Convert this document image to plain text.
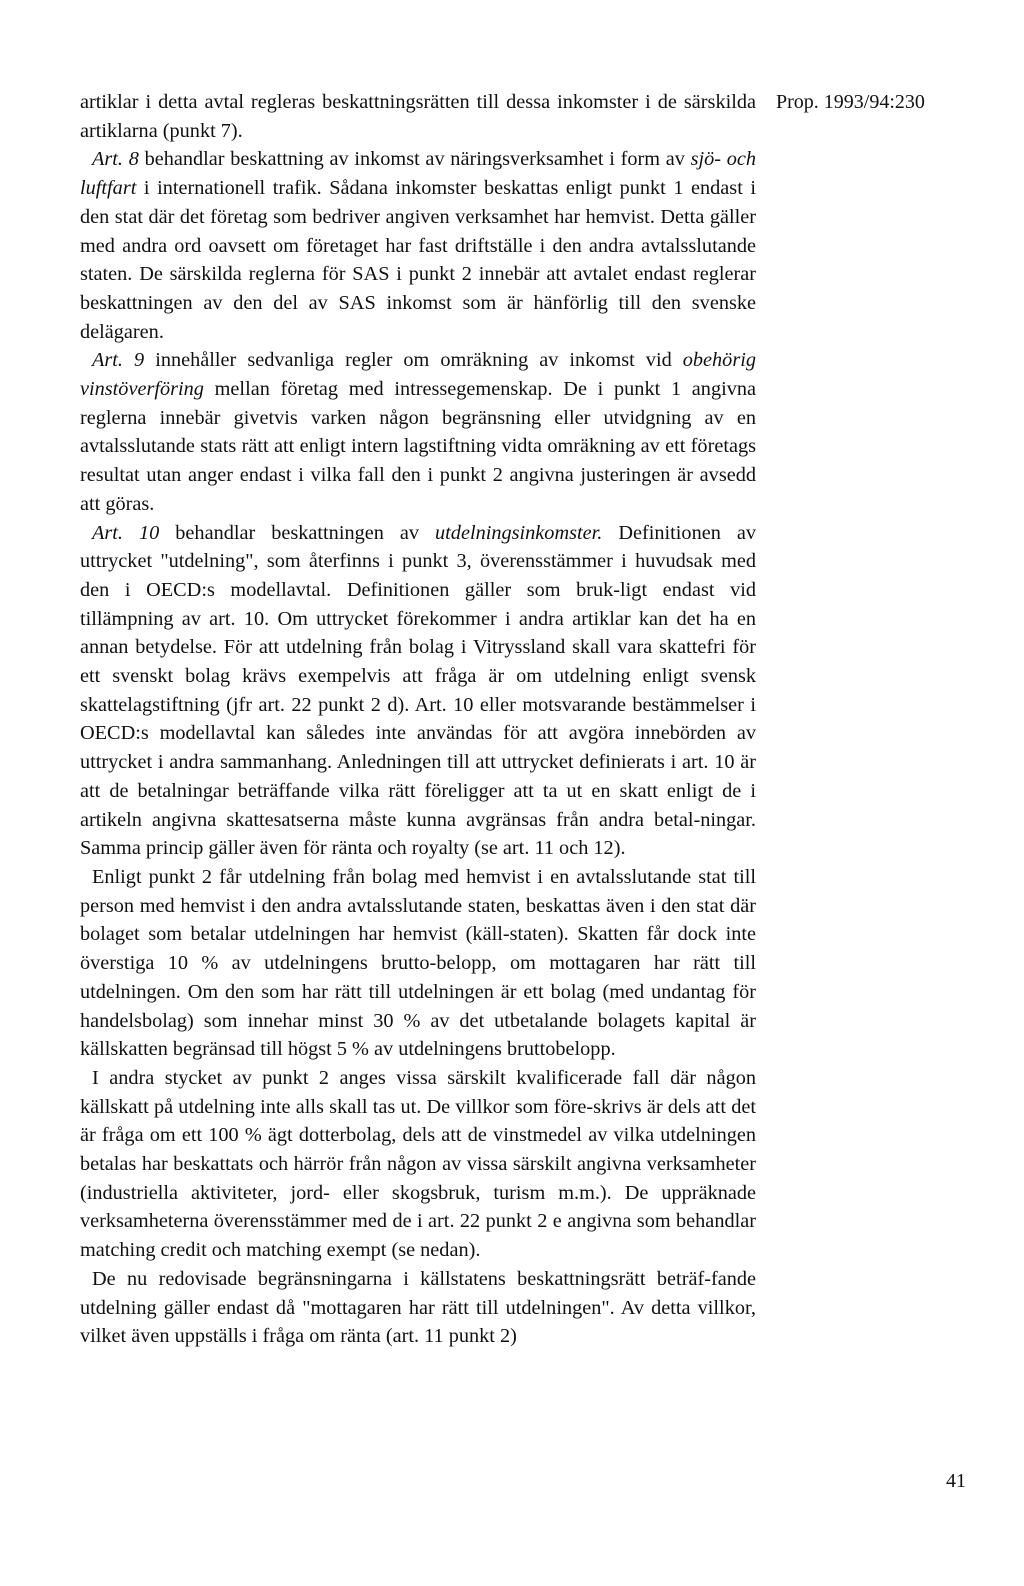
Prop. 1993/94:230

artiklar i detta avtal regleras beskattningsrätten till dessa inkomster i de särskilda artiklarna (punkt 7).

Art. 8 behandlar beskattning av inkomst av näringsverksamhet i form av sjö- och luftfart i internationell trafik. Sådana inkomster beskattas enligt punkt 1 endast i den stat där det företag som bedriver angiven verksamhet har hemvist. Detta gäller med andra ord oavsett om företaget har fast driftställe i den andra avtalsslutande staten. De särskilda reglerna för SAS i punkt 2 innebär att avtalet endast reglerar beskattningen av den del av SAS inkomst som är hänförlig till den svenske delägaren.

Art. 9 innehåller sedvanliga regler om omräkning av inkomst vid obehörig vinstöverföring mellan företag med intressegemenskap. De i punkt 1 angivna reglerna innebär givetvis varken någon begränsning eller utvidgning av en avtalsslutande stats rätt att enligt intern lagstiftning vidta omräkning av ett företags resultat utan anger endast i vilka fall den i punkt 2 angivna justeringen är avsedd att göras.

Art. 10 behandlar beskattningen av utdelningsinkomster. Definitionen av uttrycket "utdelning", som återfinns i punkt 3, överensstämmer i huvudsak med den i OECD:s modellavtal. Definitionen gäller som bruk-ligt endast vid tillämpning av art. 10. Om uttrycket förekommer i andra artiklar kan det ha en annan betydelse. För att utdelning från bolag i Vitryssland skall vara skattefri för ett svenskt bolag krävs exempelvis att fråga är om utdelning enligt svensk skattelagstiftning (jfr art. 22 punkt 2 d). Art. 10 eller motsvarande bestämmelser i OECD:s modellavtal kan således inte användas för att avgöra innebörden av uttrycket i andra sammanhang. Anledningen till att uttrycket definierats i art. 10 är att de betalningar beträffande vilka rätt föreligger att ta ut en skatt enligt de i artikeln angivna skattesatserna måste kunna avgränsas från andra betal-ningar. Samma princip gäller även för ränta och royalty (se art. 11 och 12).

Enligt punkt 2 får utdelning från bolag med hemvist i en avtalsslutande stat till person med hemvist i den andra avtalsslutande staten, beskattas även i den stat där bolaget som betalar utdelningen har hemvist (käll-staten). Skatten får dock inte överstiga 10 % av utdelningens brutto-belopp, om mottagaren har rätt till utdelningen. Om den som har rätt till utdelningen är ett bolag (med undantag för handelsbolag) som innehar minst 30 % av det utbetalande bolagets kapital är källskatten begränsad till högst 5 % av utdelningens bruttobelopp.

I andra stycket av punkt 2 anges vissa särskilt kvalificerade fall där någon källskatt på utdelning inte alls skall tas ut. De villkor som före-skrivs är dels att det är fråga om ett 100 % ägt dotterbolag, dels att de vinstmedel av vilka utdelningen betalas har beskattats och härrör från någon av vissa särskilt angivna verksamheter (industriella aktiviteter, jord- eller skogsbruk, turism m.m.). De uppräknade verksamheterna överensstämmer med de i art. 22 punkt 2 e angivna som behandlar matching credit och matching exempt (se nedan).

De nu redovisade begränsningarna i källstatens beskattningsrätt beträf-fande utdelning gäller endast då "mottagaren har rätt till utdelningen". Av detta villkor, vilket även uppställs i fråga om ränta (art. 11 punkt 2)

41
